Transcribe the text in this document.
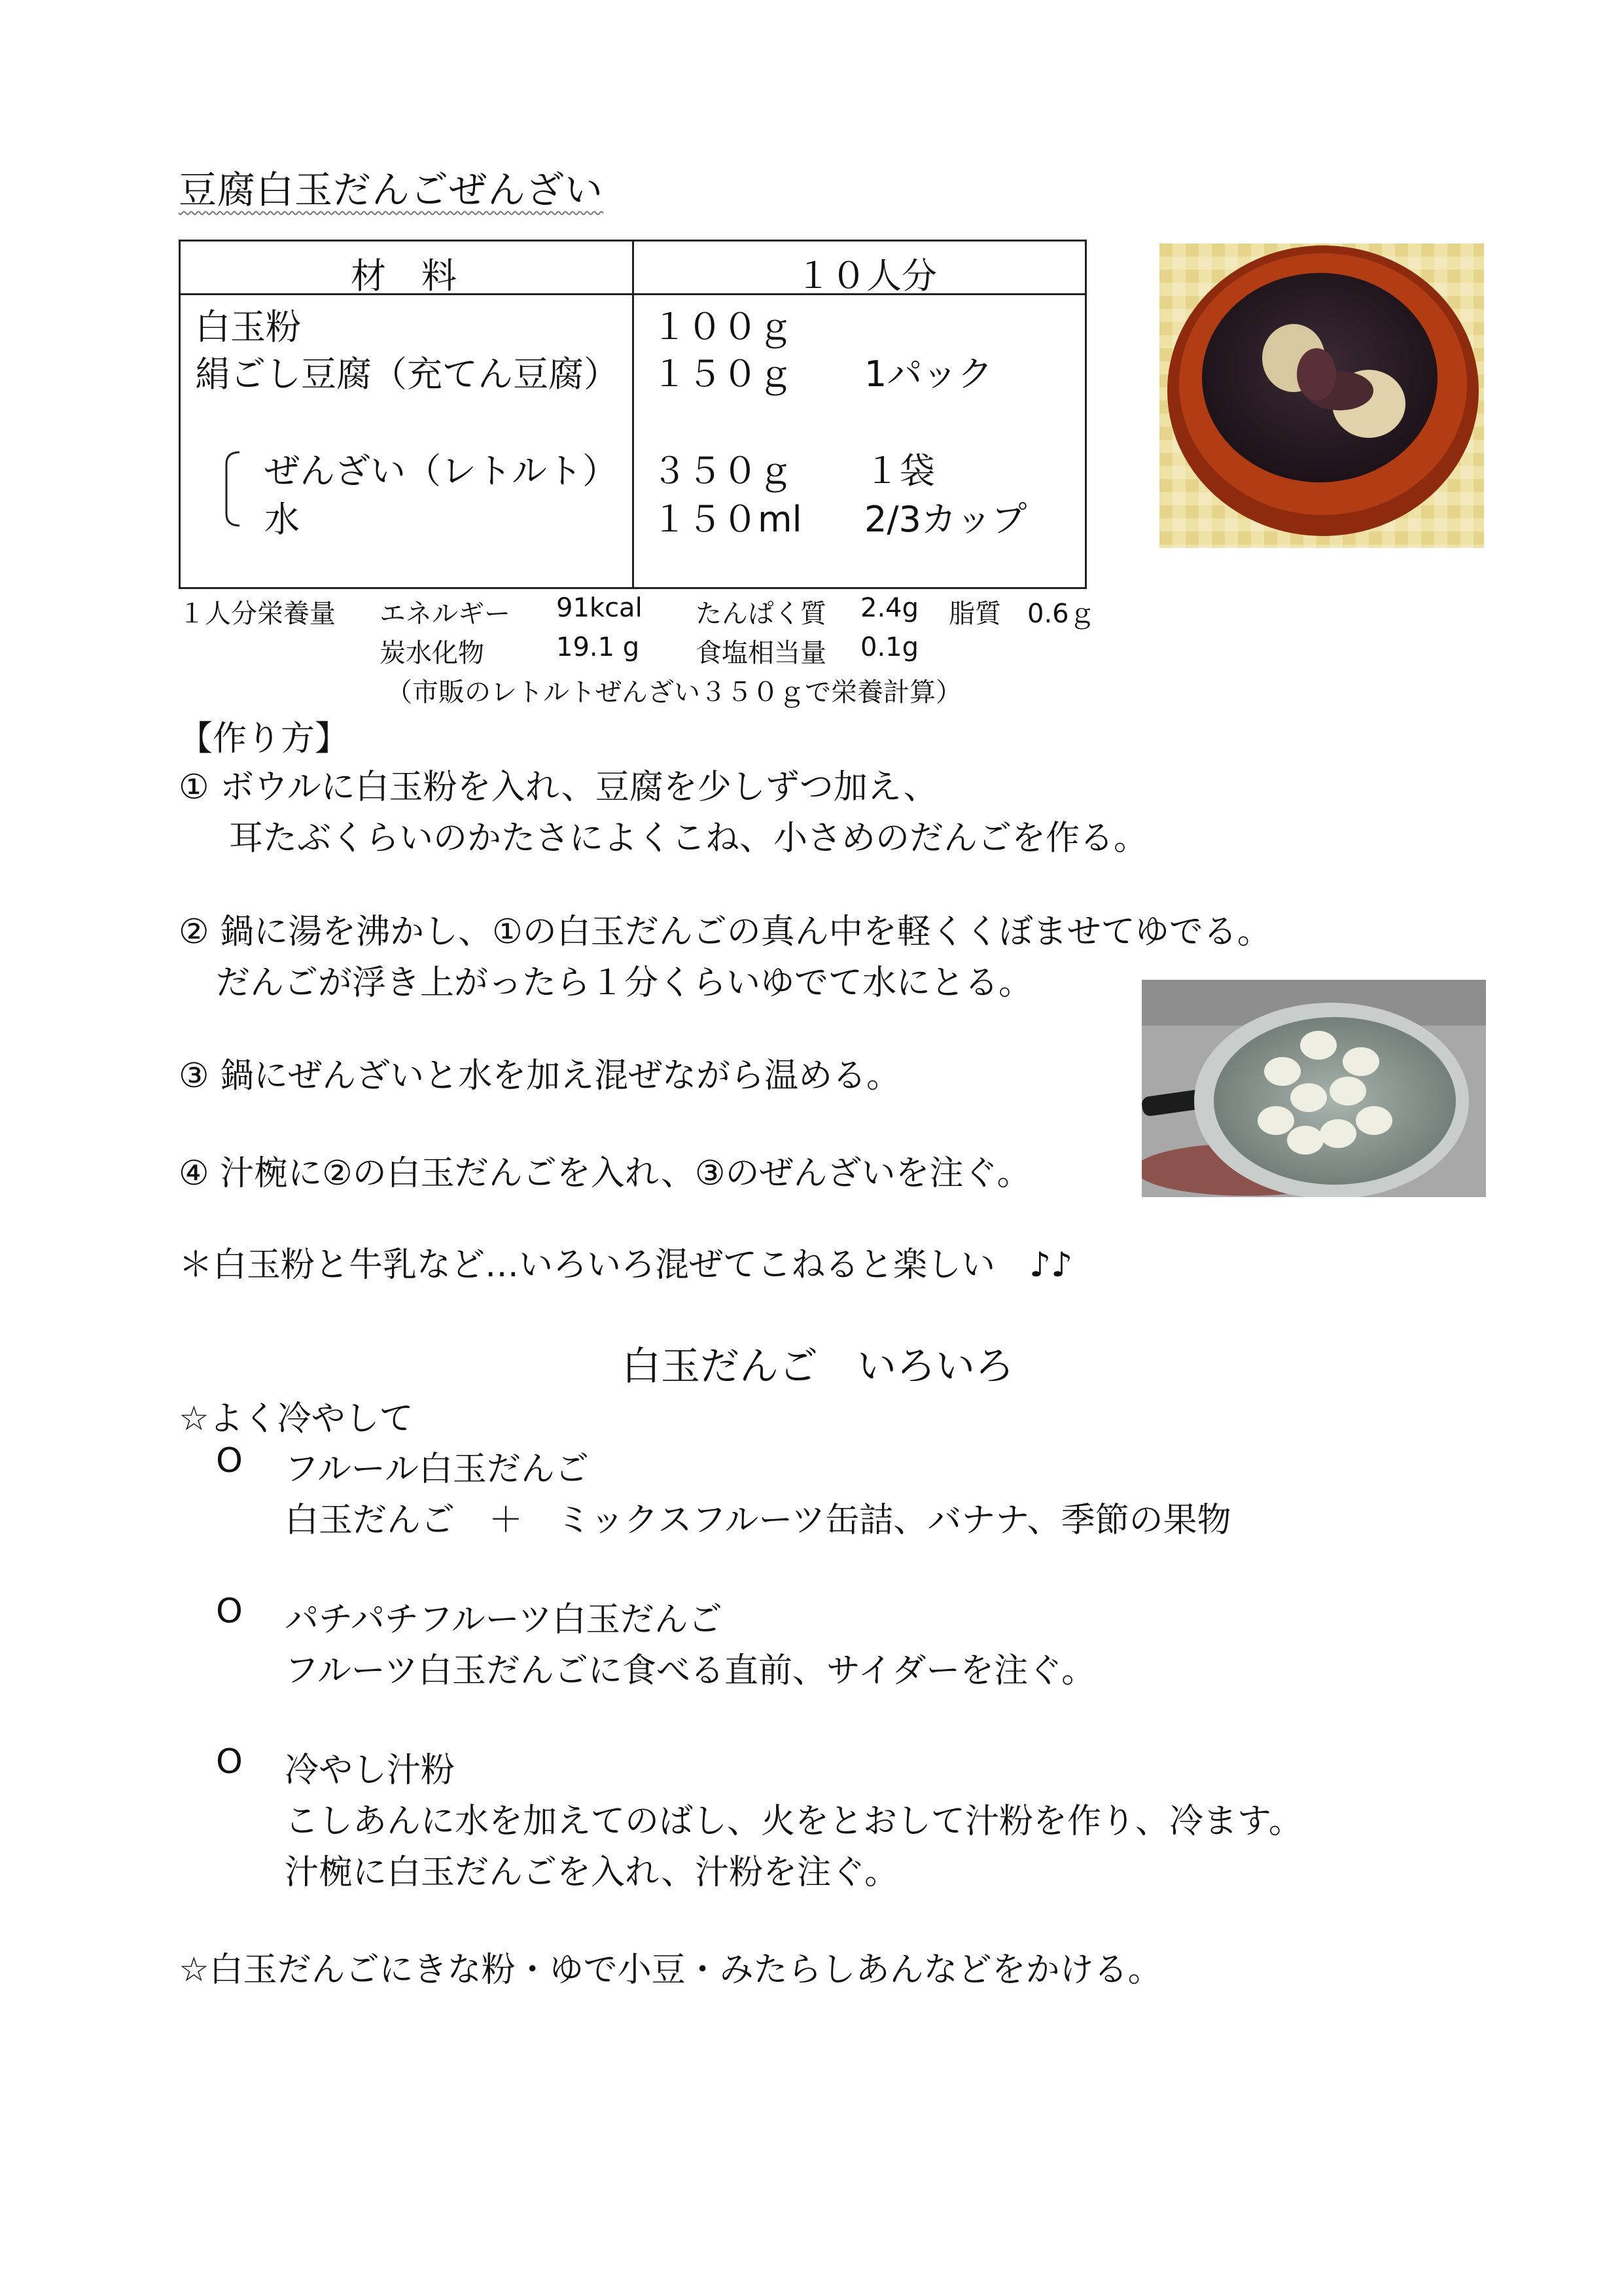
豆腐白玉だんごぜんざい
材　料	１０人分
白玉粉	１００ｇ
絹ごし豆腐（充てん豆腐） １５０ｇ 1パック
ぜんざい（レトルト） ３５０ｇ １袋
水	１５０ml 2/3カップ
１人分栄養量 エネルギー 91kcal たんぱく質 2.4g 脂質 0.6ｇ
炭水化物	19.1 g 食塩相当量 0.1g
（市販のレトルトぜんざい３５０ｇで栄養計算）
【作り方】
① ボウルに白玉粉を入れ、豆腐を少しずつ加え、
耳たぶくらいのかたさによくこね、小さめのだんごを作る。
② 鍋に湯を沸かし、①の白玉だんごの真ん中を軽くくぼませてゆでる。
だんごが浮き上がったら１分くらいゆでて水にとる。
③ 鍋にぜんざいと水を加え混ぜながら温める。
④ 汁椀に②の白玉だんごを入れ、③のぜんざいを注ぐ。
＊白玉粉と牛乳など…いろいろ混ぜてこねると楽しい　♪♪
白玉だんご　いろいろ
☆よく冷やして
O フルール白玉だんご
白玉だんご　＋　ミックスフルーツ缶詰、バナナ、季節の果物
O パチパチフルーツ白玉だんご
フルーツ白玉だんごに食べる直前、サイダーを注ぐ。
O 冷やし汁粉
こしあんに水を加えてのばし、火をとおして汁粉を作り、冷ます。
汁椀に白玉だんごを入れ、汁粉を注ぐ。
☆白玉だんごにきな粉・ゆで小豆・みたらしあんなどをかける。
